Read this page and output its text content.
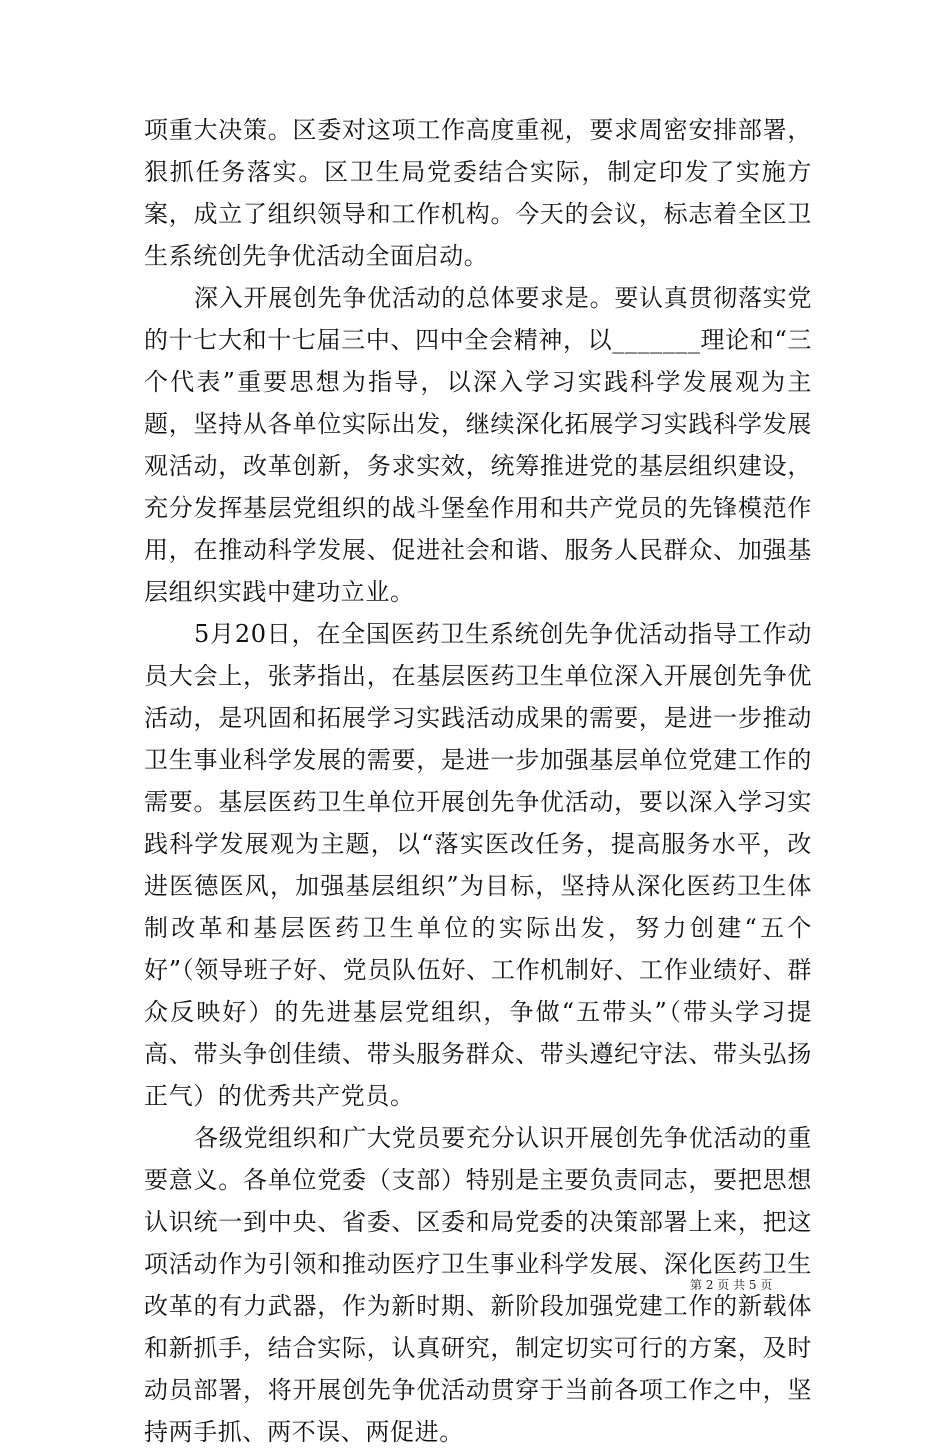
项重大决策。区委对这项工作高度重视，要求周密安排部署，狠抓任务落实。区卫生局党委结合实际，制定印发了实施方案，成立了组织领导和工作机构。今天的会议，标志着全区卫生系统创先争优活动全面启动。

深入开展创先争优活动的总体要求是。要认真贯彻落实党的十七大和十七届三中、四中全会精神，以_______理论和“三个代表”重要思想为指导，以深入学习实践科学发展观为主题，坚持从各单位实际出发，继续深化拓展学习实践科学发展观活动，改革创新，务求实效，统筹推进党的基层组织建设，充分发挥基层党组织的战斗堡垒作用和共产党员的先锋模范作用，在推动科学发展、促进社会和谐、服务人民群众、加强基层组织实践中建功立业。

5月20日，在全国医药卫生系统创先争优活动指导工作动员大会上，张茅指出，在基层医药卫生单位深入开展创先争优活动，是巩固和拓展学习实践活动成果的需要，是进一步推动卫生事业科学发展的需要，是进一步加强基层单位党建工作的需要。基层医药卫生单位开展创先争优活动，要以深入学习实践科学发展观为主题，以“落实医改任务，提高服务水平，改进医德医风，加强基层组织”为目标，坚持从深化医药卫生体制改革和基层医药卫生单位的实际出发，努力创建“五个好”（领导班子好、党员队伍好、工作机制好、工作业绩好、群众反映好）的先进基层党组织，争做“五带头”（带头学习提高、带头争创佳绩、带头服务群众、带头遵纪守法、带头弘扬正气）的优秀共产党员。

各级党组织和广大党员要充分认识开展创先争优活动的重要意义。各单位党委（支部）特别是主要负责同志，要把思想认识统一到中央、省委、区委和局党委的决策部署上来，把这项活动作为引领和推动医疗卫生事业科学发展、深化医药卫生改革的有力武器，作为新时期、新阶段加强党建工作的新载体和新抓手，结合实际，认真研究，制定切实可行的方案，及时动员部署，将开展创先争优活动贯穿于当前各项工作之中，坚持两手抓、两不误、两促进。

第 2 页 共 5 页
